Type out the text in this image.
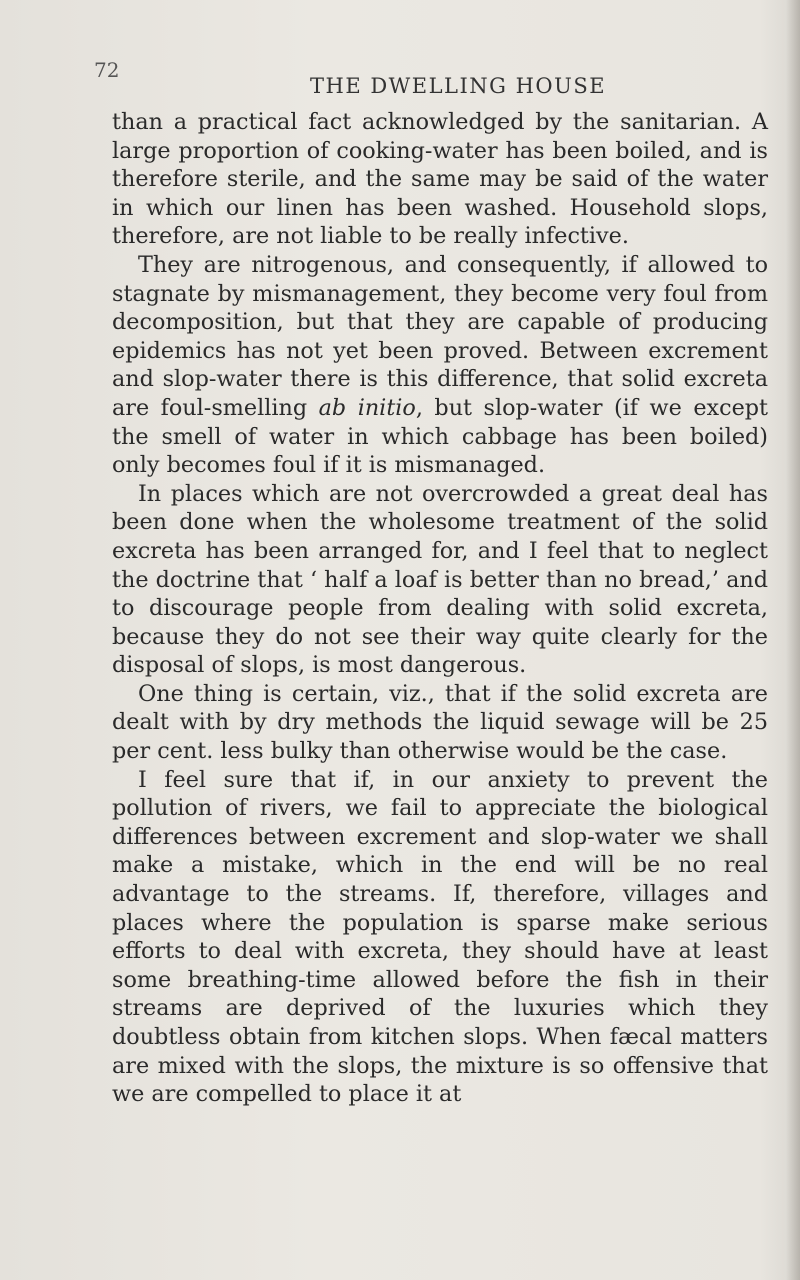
72
THE DWELLING HOUSE

than a practical fact acknowledged by the sanitarian. A large proportion of cooking-water has been boiled, and is therefore sterile, and the same may be said of the water in which our linen has been washed. Household slops, therefore, are not liable to be really infective.

They are nitrogenous, and consequently, if allowed to stagnate by mismanagement, they become very foul from decomposition, but that they are capable of producing epidemics has not yet been proved. Between excrement and slop-water there is this difference, that solid excreta are foul-smelling ab initio, but slop-water (if we except the smell of water in which cabbage has been boiled) only becomes foul if it is mismanaged.

In places which are not overcrowded a great deal has been done when the wholesome treatment of the solid excreta has been arranged for, and I feel that to neglect the doctrine that ‘ half a loaf is better than no bread,’ and to discourage people from dealing with solid excreta, because they do not see their way quite clearly for the disposal of slops, is most dangerous.

One thing is certain, viz., that if the solid excreta are dealt with by dry methods the liquid sewage will be 25 per cent. less bulky than otherwise would be the case.

I feel sure that if, in our anxiety to prevent the pollution of rivers, we fail to appreciate the biological differences between excrement and slop-water we shall make a mistake, which in the end will be no real advantage to the streams. If, therefore, villages and places where the population is sparse make serious efforts to deal with excreta, they should have at least some breathing-time allowed before the fish in their streams are deprived of the luxuries which they doubtless obtain from kitchen slops. When fæcal matters are mixed with the slops, the mixture is so offensive that we are compelled to place it at
